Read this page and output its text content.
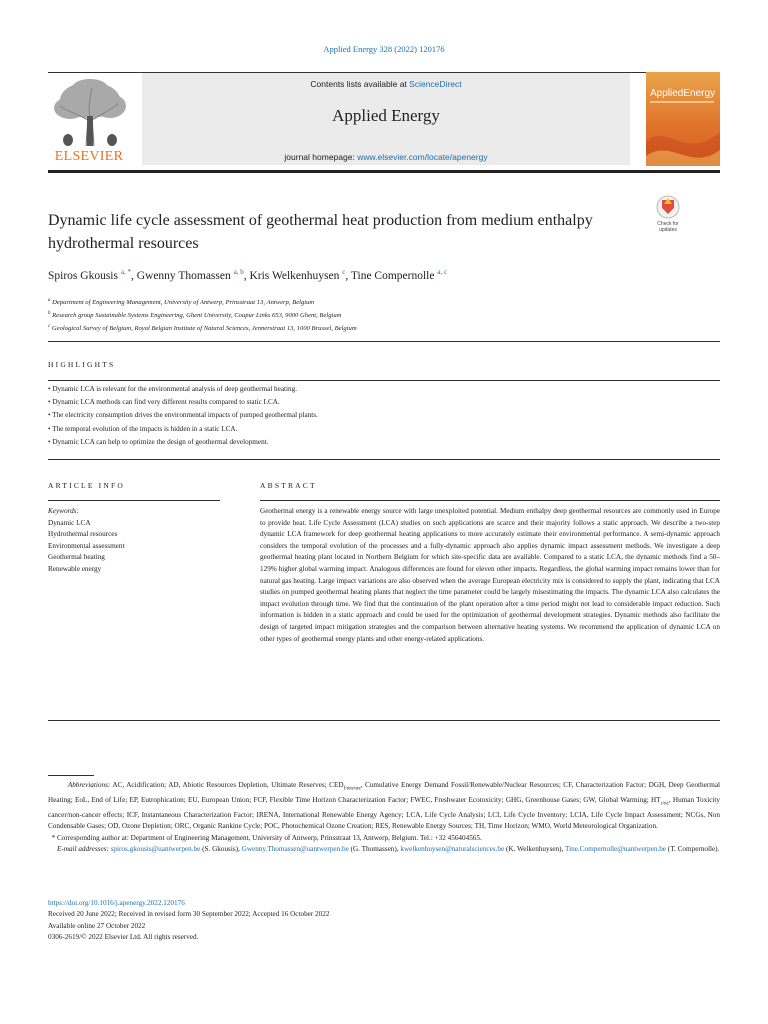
Applied Energy 328 (2022) 120176
ELSEVIER
Contents lists available at ScienceDirect
Applied Energy
journal homepage: www.elsevier.com/locate/apenergy
AppliedEnergy
Dynamic life cycle assessment of geothermal heat production from medium enthalpy hydrothermal resources
Check for
updates
Spiros Gkousis $^{a, *}$, Gwenny Thomassen $^{a, b}$, Kris Welkenhuysen $^c$, Tine Compernolle $^{a, c}$
$^a$ Department of Engineering Management, University of Antwerp, Prinsstraat 13, Antwerp, Belgium
$^b$ Research group Sustainable Systems Engineering, Ghent University, Coupur Links 653, 9000 Ghent, Belgium
$^c$ Geological Survey of Belgium, Royal Belgian Institute of Natural Sciences, Jennerstraat 13, 1000 Brussel, Belgium
HIGHLIGHTS
• Dynamic LCA is relevant for the environmental analysis of deep geothermal heating.
• Dynamic LCA methods can find very different results compared to static LCA.
• The electricity consumption drives the environmental impacts of pumped geothermal plants.
• The temporal evolution of the impacts is hidden in a static LCA.
• Dynamic LCA can help to optimize the design of geothermal development.
ARTICLE INFO
Keywords:
Dynamic LCA
Hydrothermal resources
Environmental assessment
Geothermal heating
Renewable energy
ABSTRACT
Geothermal energy is a renewable energy source with large unexploited potential. Medium enthalpy deep geothermal resources are commonly used in Europe to provide heat. Life Cycle Assessment (LCA) studies on such applications are scarce and their majority follows a static approach. We describe a two-step dynamic LCA framework for deep geothermal heating applications to more accurately estimate their environmental performance. A semi-dynamic approach considers the temporal evolution of the processes and a fully-dynamic approach also applies dynamic impact assessment methods. We investigate a deep geothermal heating plant located in Northern Belgium for which site-specific data are available. Compared to a static LCA, the dynamic methods find a 50–129% higher global warming impact. Analogous differences are found for eleven other impacts. Regardless, the global warming impact remains lower than for natural gas heating. Large impact variations are also observed when the average European electricity mix is considered to supply the plant, indicating that LCA studies on pumped geothermal heating plants that neglect the time parameter could be largely misestimating the impacts. The dynamic LCA also calculates the impact evolution through time. We find that the continuation of the plant operation after a time period might not lead to considerable impact reduction. Such information is hidden in a static approach and could be used for the optimization of geothermal development strategies. Dynamic methods also facilitate the design of targeted impact mitigation strategies and the comparison between alternative heating systems. We recommend the application of dynamic LCA on other types of geothermal energy plants and other energy-related applications.

Abbreviations: AC, Acidification; AD, Abiotic Resources Depletion, Ultimate Reserves; $CED_{f/ren/nre}$, Cumulative Energy Demand Fossil/Renewable/Nuclear Resources; CF, Characterization Factor; DGH, Deep Geothermal Heating; EoL, End of Life; EP, Eutrophication; EU, European Union; FCF, Flexible Time Horizon Characterization Factor; FWEC, Freshwater Ecotoxicity; GHG, Greenhouse Gases; GW, Global Warming; $HT_{c/nc}$, Human Toxicity cancer/non-cancer effects; ICF, Instantaneous Characterization Factor; IRENA, International Renewable Energy Agency; LCA, Life Cycle Analysis; LCI, Life Cycle Inventory; LCIA, Life Cycle Impact Assessment; NCGs, Non Condensable Gases; OD, Ozone Depletion; ORC, Organic Rankine Cycle; POC, Photochemical Ozone Creation; RES, Renewable Energy Sources; TH, Time Horizon; WMO, World Meteorological Organization.

* Corresponding author at: Department of Engineering Management, University of Antwerp, Prinsstraat 13, Antwerp, Belgium. Tel.: +32 456404565.

E-mail addresses: spiros.gkousis@uantwerpen.be (S. Gkousis), Gwenny.Thomassen@uantwerpen.be (G. Thomassen), kwelkenhuysen@naturalsciences.be (K. Welkenhuysen), Tine.Compernolle@uantwerpen.be (T. Compernolle).

https://doi.org/10.1016/j.apenergy.2022.120176
Received 20 June 2022; Received in revised form 30 September 2022; Accepted 16 October 2022
Available online 27 October 2022
0306-2619/© 2022 Elsevier Ltd. All rights reserved.
